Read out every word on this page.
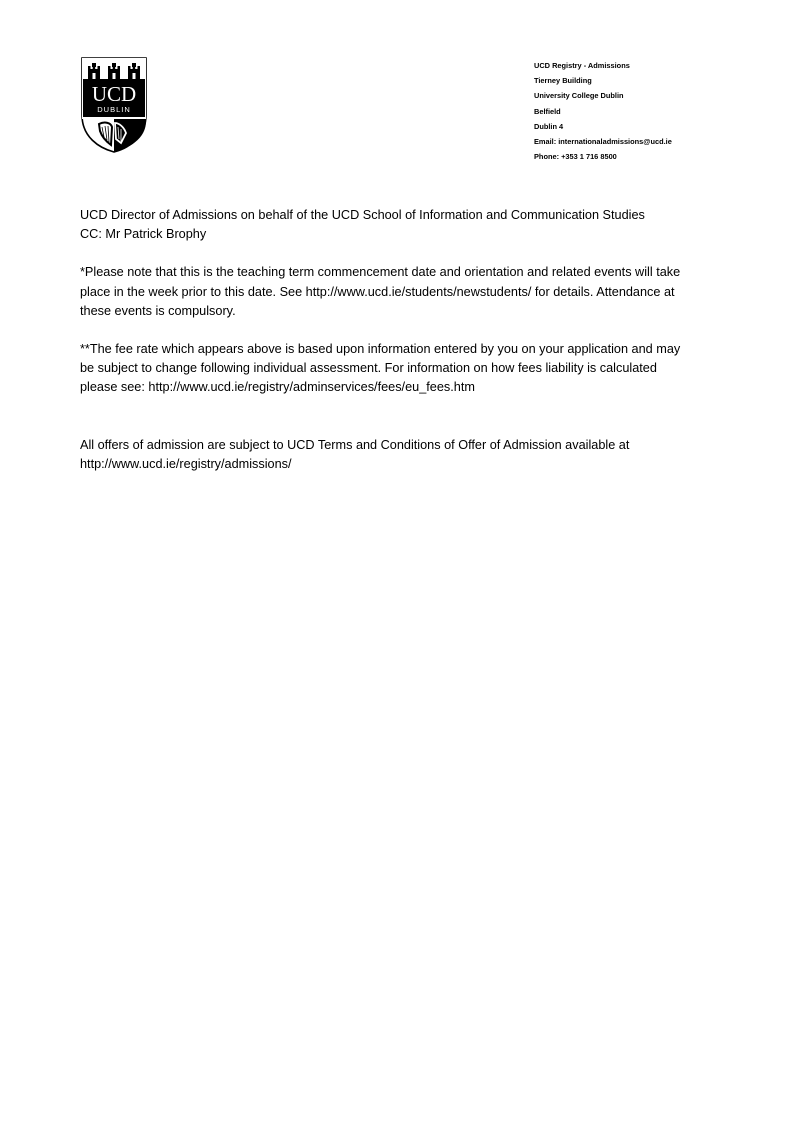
UCD
DUBLIN
UCD Registry - Admissions
Tierney Building
University College Dublin
Belfield
Dublin 4
Email: internationaladmissions@ucd.ie
Phone: +353 1 716 8500

UCD Director of Admissions on behalf of the UCD School of Information and Communication Studies
CC: Mr Patrick Brophy

*Please note that this is the teaching term commencement date and orientation and related events will take
place in the week prior to this date. See http://www.ucd.ie/students/newstudents/ for details. Attendance at
these events is compulsory.

**The fee rate which appears above is based upon information entered by you on your application and may
be subject to change following individual assessment. For information on how fees liability is calculated
please see: http://www.ucd.ie/registry/adminservices/fees/eu_fees.htm

All offers of admission are subject to UCD Terms and Conditions of Offer of Admission available at
http://www.ucd.ie/registry/admissions/
